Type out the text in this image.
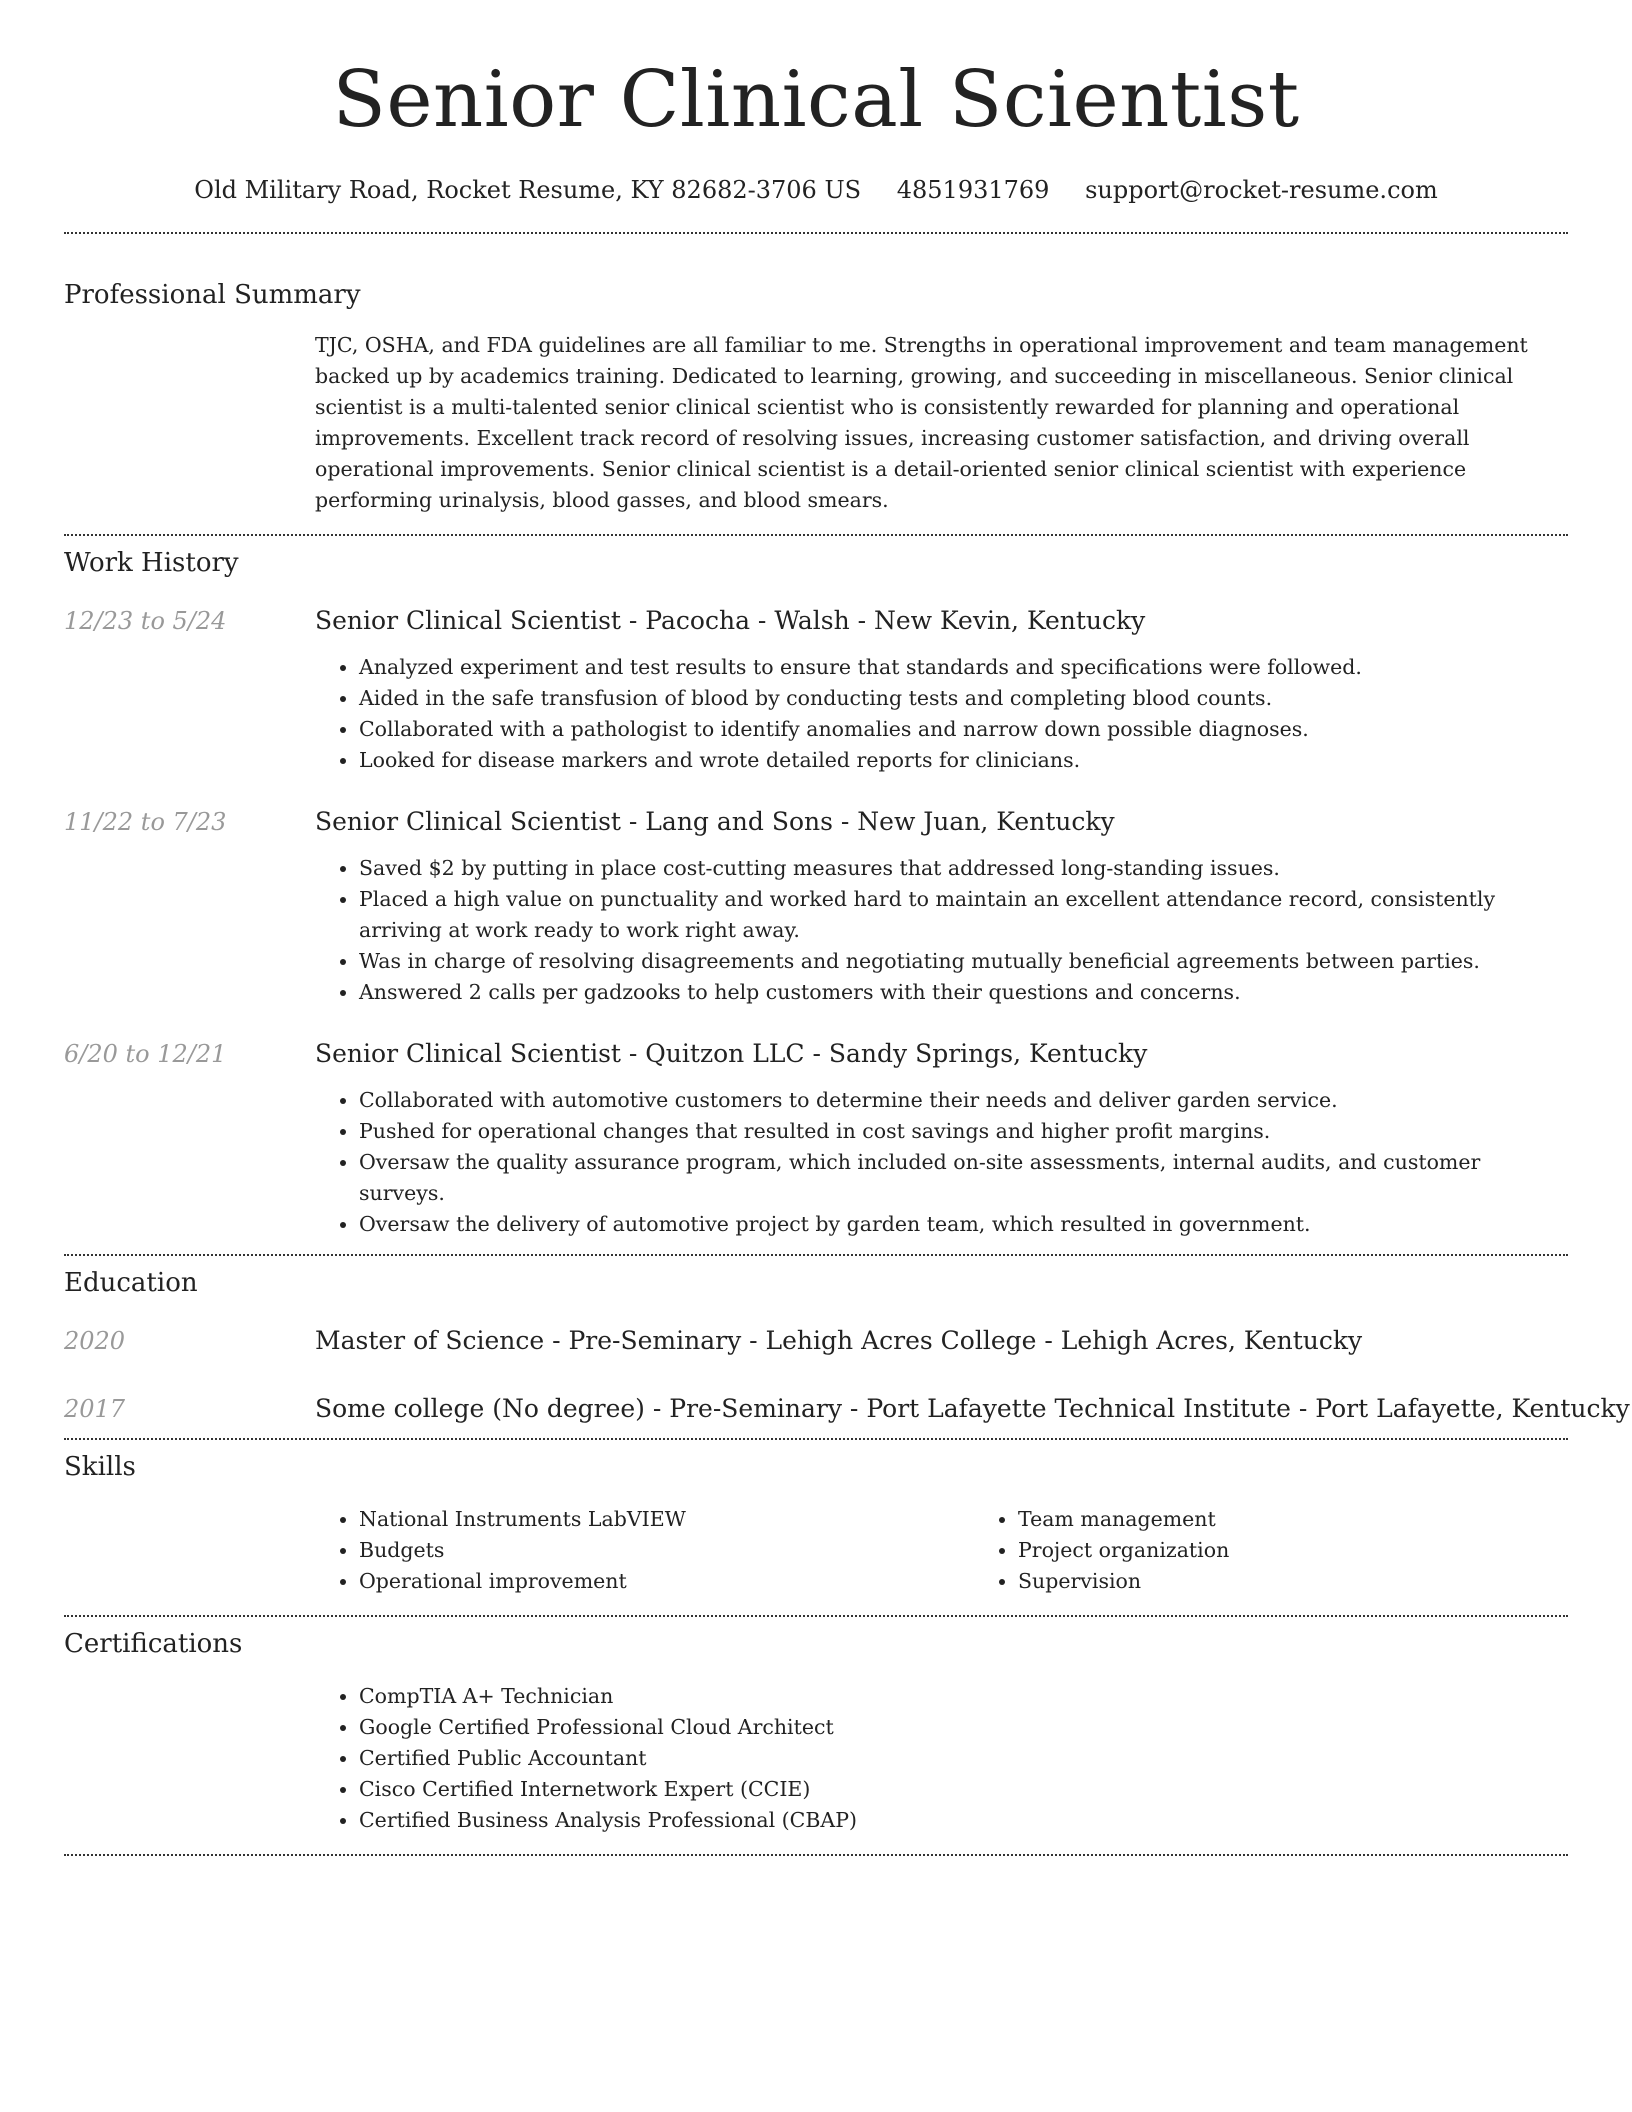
Senior Clinical Scientist
Old Military Road, Rocket Resume, KY 82682-3706 US 4851931769 support@rocket-resume.com
Professional Summary

TJC, OSHA, and FDA guidelines are all familiar to me. Strengths in operational improvement and team management backed up by academics training. Dedicated to learning, growing, and succeeding in miscellaneous. Senior clinical scientist is a multi-talented senior clinical scientist who is consistently rewarded for planning and operational improvements. Excellent track record of resolving issues, increasing customer satisfaction, and driving overall operational improvements. Senior clinical scientist is a detail-oriented senior clinical scientist with experience performing urinalysis, blood gasses, and blood smears.

Work History
12/23 to 5/24	Senior Clinical Scientist - Pacocha - Walsh - New Kevin, Kentucky
• Analyzed experiment and test results to ensure that standards and specifications were followed.
• Aided in the safe transfusion of blood by conducting tests and completing blood counts.
• Collaborated with a pathologist to identify anomalies and narrow down possible diagnoses.
• Looked for disease markers and wrote detailed reports for clinicians.
11/22 to 7/23	Senior Clinical Scientist - Lang and Sons - New Juan, Kentucky
• Saved $2 by putting in place cost-cutting measures that addressed long-standing issues.
• Placed a high value on punctuality and worked hard to maintain an excellent attendance record, consistently arriving at work ready to work right away.
• Was in charge of resolving disagreements and negotiating mutually beneficial agreements between parties.
• Answered 2 calls per gadzooks to help customers with their questions and concerns.
6/20 to 12/21	Senior Clinical Scientist - Quitzon LLC - Sandy Springs, Kentucky
• Collaborated with automotive customers to determine their needs and deliver garden service.
• Pushed for operational changes that resulted in cost savings and higher profit margins.
• Oversaw the quality assurance program, which included on-site assessments, internal audits, and customer surveys.
• Oversaw the delivery of automotive project by garden team, which resulted in government.
Education
2020	Master of Science - Pre-Seminary - Lehigh Acres College - Lehigh Acres, Kentucky
2017	Some college (No degree) - Pre-Seminary - Port Lafayette Technical Institute - Port Lafayette, Kentucky
Skills
• National Instruments LabVIEW
• Budgets
• Operational improvement
• Team management
• Project organization
• Supervision
Certifications
• CompTIA A+ Technician
• Google Certified Professional Cloud Architect
• Certified Public Accountant
• Cisco Certified Internetwork Expert (CCIE)
• Certified Business Analysis Professional (CBAP)
